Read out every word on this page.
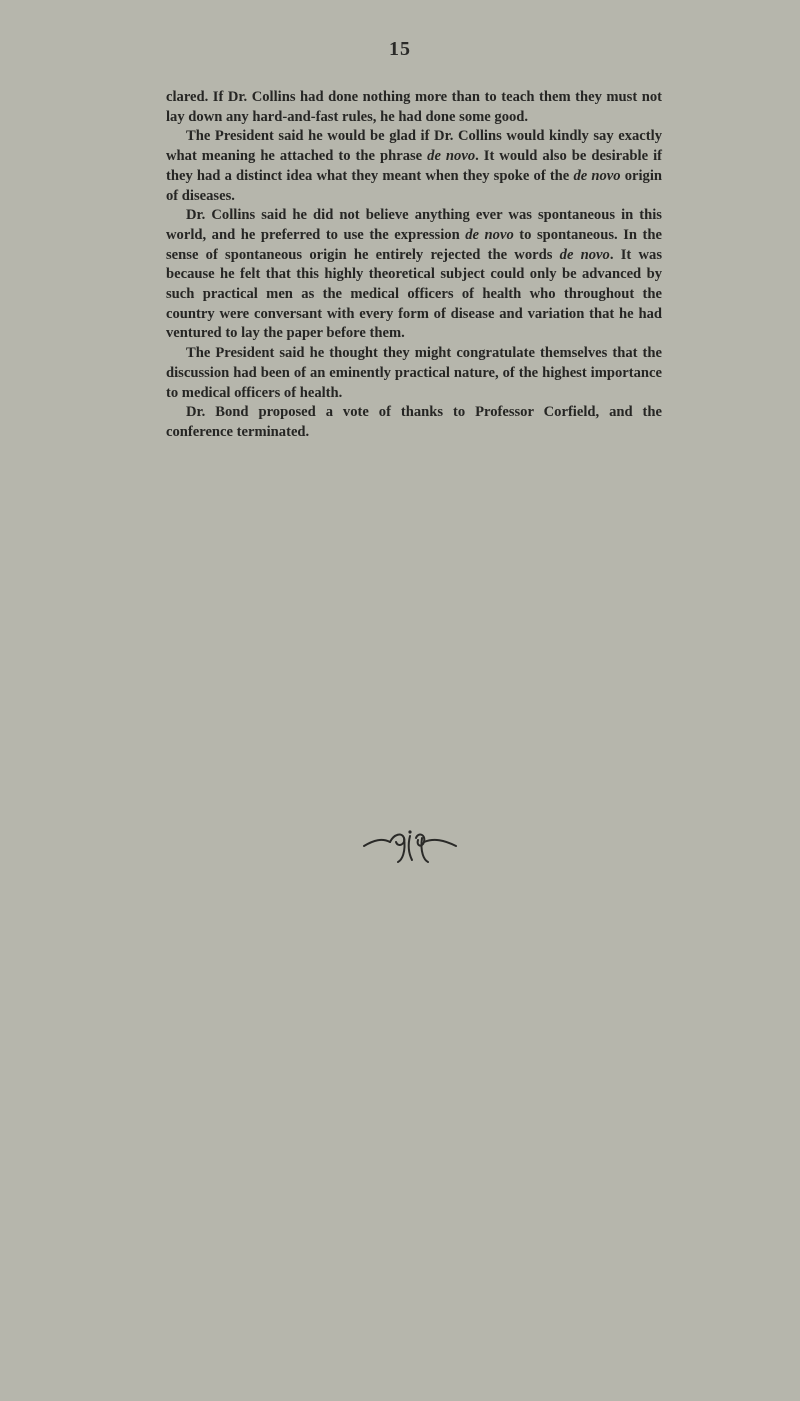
15

clared. If Dr. Collins had done nothing more than to teach them they must not lay down any hard-and-fast rules, he had done some good.

The President said he would be glad if Dr. Collins would kindly say exactly what meaning he attached to the phrase de novo. It would also be desirable if they had a distinct idea what they meant when they spoke of the de novo origin of diseases.

Dr. Collins said he did not believe anything ever was spontaneous in this world, and he preferred to use the expression de novo to spontaneous. In the sense of spontaneous origin he entirely rejected the words de novo. It was because he felt that this highly theoretical subject could only be advanced by such practical men as the medical officers of health who throughout the country were conversant with every form of disease and variation that he had ventured to lay the paper before them.

The President said he thought they might congratulate themselves that the discussion had been of an eminently practical nature, of the highest importance to medical officers of health.

Dr. Bond proposed a vote of thanks to Professor Corfield, and the conference terminated.
